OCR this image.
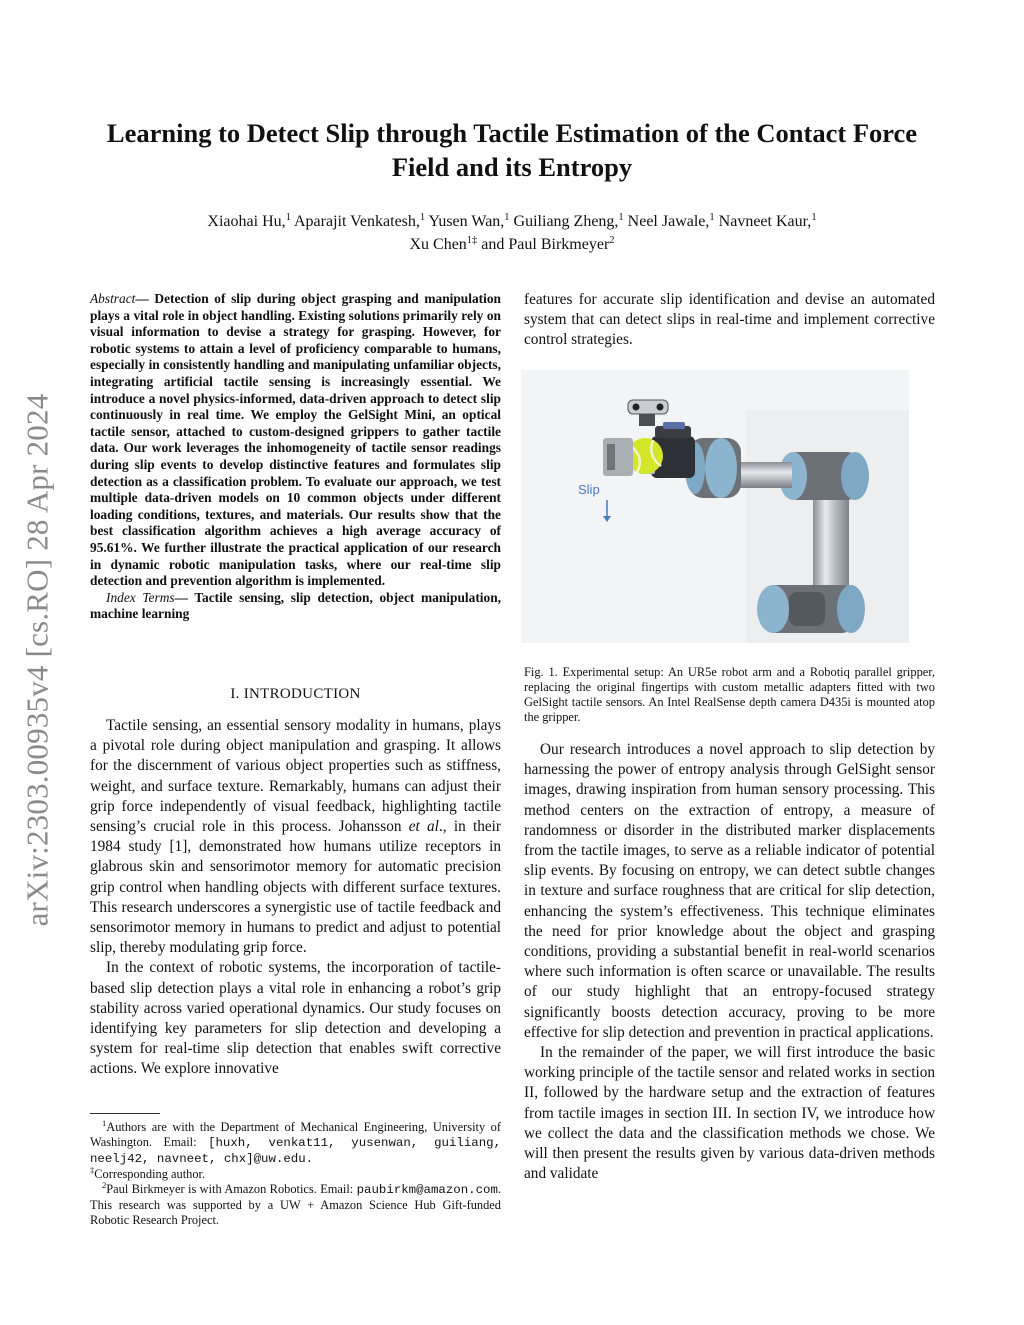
arXiv:2303.00935v4 [cs.RO] 28 Apr 2024
Learning to Detect Slip through Tactile Estimation of the Contact Force Field and its Entropy
Xiaohai Hu,$^1$ Aparajit Venkatesh,$^1$ Yusen Wan,$^1$ Guiliang Zheng,$^1$ Neel Jawale,$^1$ Navneet Kaur,$^1$
Xu Chen$^{1\ddagger}$ and Paul Birkmeyer$^2$

Abstract— Detection of slip during object grasping and manipulation plays a vital role in object handling. Existing solutions primarily rely on visual information to devise a strategy for grasping. However, for robotic systems to attain a level of proficiency comparable to humans, especially in consistently handling and manipulating unfamiliar objects, integrating artificial tactile sensing is increasingly essential. We introduce a novel physics-informed, data-driven approach to detect slip continuously in real time. We employ the GelSight Mini, an optical tactile sensor, attached to custom-designed grippers to gather tactile data. Our work leverages the inhomogeneity of tactile sensor readings during slip events to develop distinctive features and formulates slip detection as a classification problem. To evaluate our approach, we test multiple data-driven models on 10 common objects under different loading conditions, textures, and materials. Our results show that the best classification algorithm achieves a high average accuracy of 95.61%. We further illustrate the practical application of our research in dynamic robotic manipulation tasks, where our real-time slip detection and prevention algorithm is implemented.

Index Terms— Tactile sensing, slip detection, object manipulation, machine learning

I. INTRODUCTION

Tactile sensing, an essential sensory modality in humans, plays a pivotal role during object manipulation and grasping. It allows for the discernment of various object properties such as stiffness, weight, and surface texture. Remarkably, humans can adjust their grip force independently of visual feedback, highlighting tactile sensing’s crucial role in this process. Johansson et al., in their 1984 study [1], demonstrated how humans utilize receptors in glabrous skin and sensorimotor memory for automatic precision grip control when handling objects with different surface textures. This research underscores a synergistic use of tactile feedback and sensorimotor memory in humans to predict and adjust to potential slip, thereby modulating grip force.

In the context of robotic systems, the incorporation of tactile-based slip detection plays a vital role in enhancing a robot’s grip stability across varied operational dynamics. Our study focuses on identifying key parameters for slip detection and developing a system for real-time slip detection that enables swift corrective actions. We explore innovative

$^1$Authors are with the Department of Mechanical Engineering, University of Washington. Email: [huxh, venkat11, yusenwan, guiliang, neelj42, navneet, chx]@uw.edu.

‡Corresponding author.

$^2$Paul Birkmeyer is with Amazon Robotics. Email: paubirkm@amazon.com. This research was supported by a UW + Amazon Science Hub Gift-funded Robotic Research Project.

features for accurate slip identification and devise an automated system that can detect slips in real-time and implement corrective control strategies.

Slip
Fig. 1. Experimental setup: An UR5e robot arm and a Robotiq parallel gripper, replacing the original fingertips with custom metallic adapters fitted with two GelSight tactile sensors. An Intel RealSense depth camera D435i is mounted atop the gripper.

Our research introduces a novel approach to slip detection by harnessing the power of entropy analysis through GelSight sensor images, drawing inspiration from human sensory processing. This method centers on the extraction of entropy, a measure of randomness or disorder in the distributed marker displacements from the tactile images, to serve as a reliable indicator of potential slip events. By focusing on entropy, we can detect subtle changes in texture and surface roughness that are critical for slip detection, enhancing the system’s effectiveness. This technique eliminates the need for prior knowledge about the object and grasping conditions, providing a substantial benefit in real-world scenarios where such information is often scarce or unavailable. The results of our study highlight that an entropy-focused strategy significantly boosts detection accuracy, proving to be more effective for slip detection and prevention in practical applications.

In the remainder of the paper, we will first introduce the basic working principle of the tactile sensor and related works in section II, followed by the hardware setup and the extraction of features from tactile images in section III. In section IV, we introduce how we collect the data and the classification methods we chose. We will then present the results given by various data-driven methods and validate
